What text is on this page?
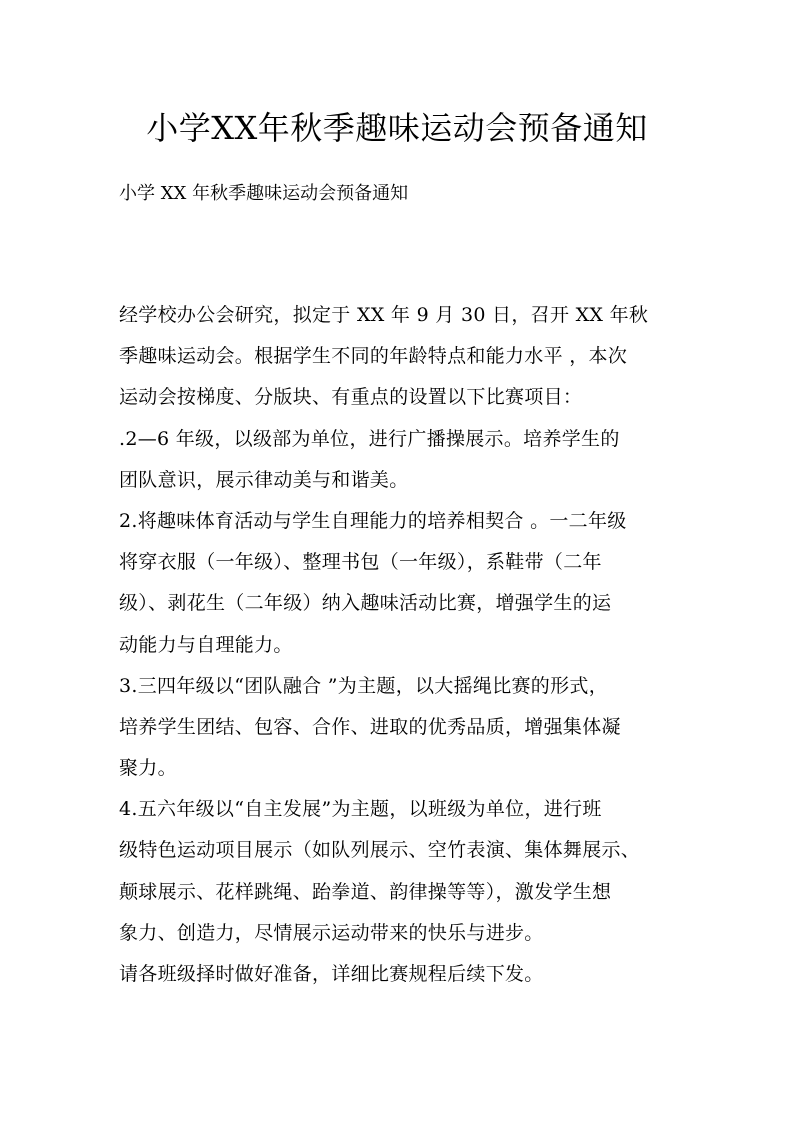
小学XX年秋季趣味运动会预备通知
小学 XX 年秋季趣味运动会预备通知
经学校办公会研究，拟定于 XX 年 9 月 30 日，召开 XX 年秋
季趣味运动会。根据学生不同的年龄特点和能力水平 ，本次
运动会按梯度、分版块、有重点的设置以下比赛项目：
.2—6 年级，以级部为单位，进行广播操展示。培养学生的
团队意识，展示律动美与和谐美。
2.将趣味体育活动与学生自理能力的培养相契合 。一二年级
将穿衣服（一年级）、整理书包（一年级），系鞋带（二年
级）、剥花生（二年级）纳入趣味活动比赛，增强学生的运
动能力与自理能力。
3.三四年级以“团队融合 ”为主题，以大摇绳比赛的形式，
培养学生团结、包容、合作、进取的优秀品质，增强集体凝
聚力。
4.五六年级以“自主发展”为主题，以班级为单位，进行班
级特色运动项目展示（如队列展示、空竹表演、集体舞展示、
颠球展示、花样跳绳、跆拳道、韵律操等等），激发学生想
象力、创造力，尽情展示运动带来的快乐与进步。
请各班级择时做好准备，详细比赛规程后续下发。
